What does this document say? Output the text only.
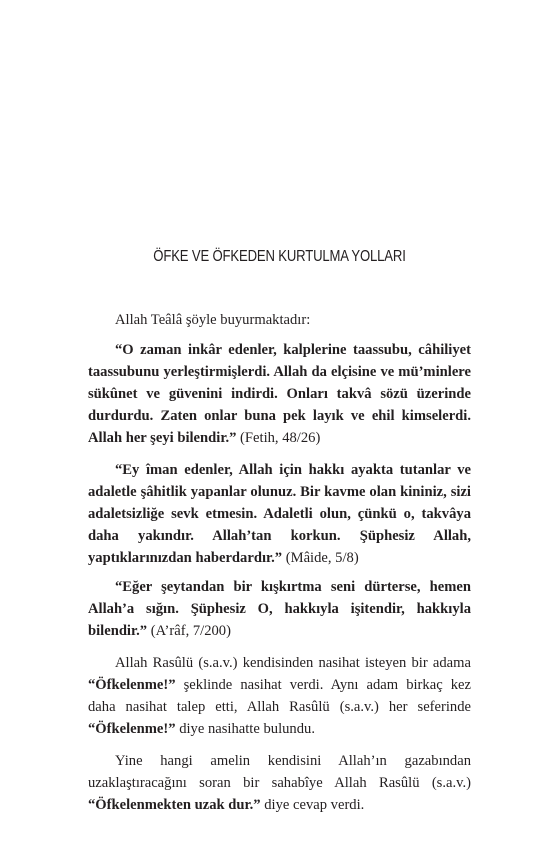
ÖFKE VE ÖFKEDEN KURTULMA YOLLARI

Allah Teâlâ şöyle buyurmaktadır:

“O zaman inkâr edenler, kalplerine taassubu, câhiliyet taassubunu yerleştirmişlerdi. Allah da elçisine ve mü’minlere sükûnet ve güvenini indirdi. Onları takvâ sözü üzerinde durdurdu. Zaten onlar buna pek layık ve ehil kimselerdi. Allah her şeyi bilendir.” (Fetih, 48/26)

“Ey îman edenler, Allah için hakkı ayakta tutanlar ve adaletle şâhitlik yapanlar olunuz. Bir kavme olan kininiz, sizi adaletsizliğe sevk etmesin. Adaletli olun, çünkü o, takvâya daha yakındır. Allah’tan korkun. Şüphesiz Allah, yaptıklarınızdan haberdardır.” (Mâide, 5/8)

“Eğer şeytandan bir kışkırtma seni dürterse, hemen Allah’a sığın. Şüphesiz O, hakkıyla işitendir, hakkıyla bilendir.” (A’râf, 7/200)

Allah Rasûlü (s.a.v.) kendisinden nasihat isteyen bir adama “Öfkelenme!” şeklinde nasihat verdi. Aynı adam birkaç kez daha nasihat talep etti, Allah Rasûlü (s.a.v.) her seferinde “Öfkelenme!” diye nasihatte bulundu.

Yine hangi amelin kendisini Allah’ın gazabından uzaklaştıracağını soran bir sahabîye Allah Rasûlü (s.a.v.) “Öfkelenmekten uzak dur.” diye cevap verdi.
